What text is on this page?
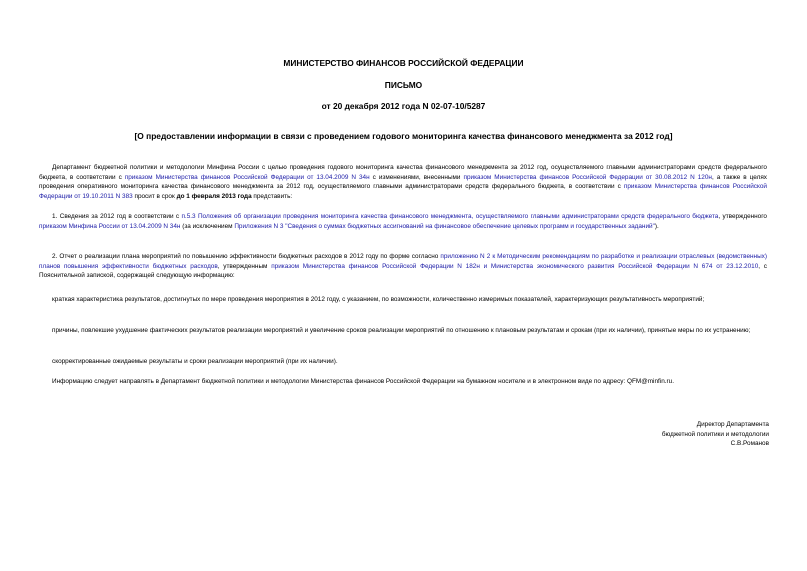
МИНИСТЕРСТВО ФИНАНСОВ РОССИЙСКОЙ ФЕДЕРАЦИИ
ПИСЬМО
от 20 декабря 2012 года N 02-07-10/5287
[О предоставлении информации в связи с проведением годового мониторинга качества финансового менеджмента за 2012 год]

Департамент бюджетной политики и методологии Минфина России с целью проведения годового мониторинга качества финансового менеджмента за 2012 год, осуществляемого главными администраторами средств федерального бюджета, в соответствии с приказом Министерства финансов Российской Федерации от 13.04.2009 N 34н с изменениями, внесенными приказом Министерства финансов Российской Федерации от 30.08.2012 N 120н, а также в целях проведения оперативного мониторинга качества финансового менеджмента за 2012 год, осуществляемого главными администраторами средств федерального бюджета, в соответствии с приказом Министерства финансов Российской Федерации от 19.10.2011 N 383 просит в срок до 1 февраля 2013 года представить:

1. Сведения за 2012 год в соответствии с п.5.3 Положения об организации проведения мониторинга качества финансового менеджмента, осуществляемого главными администраторами средств федерального бюджета, утвержденного приказом Минфина России от 13.04.2009 N 34н (за исключением Приложения N 3 "Сведения о суммах бюджетных ассигнований на финансовое обеспечение целевых программ и государственных заданий").

2. Отчет о реализации плана мероприятий по повышению эффективности бюджетных расходов в 2012 году по форме согласно приложению N 2 к Методическим рекомендациям по разработке и реализации отраслевых (ведомственных) планов повышения эффективности бюджетных расходов, утвержденным приказом Министерства финансов Российской Федерации N 182н и Министерства экономического развития Российской Федерации N 674 от 23.12.2010, с Пояснительной запиской, содержащей следующую информацию:

краткая характеристика результатов, достигнутых по мере проведения мероприятия в 2012 году, с указанием, по возможности, количественно измеримых показателей, характеризующих результативность мероприятий;

причины, повлекшие ухудшение фактических результатов реализации мероприятий и увеличение сроков реализации мероприятий по отношению к плановым результатам и срокам (при их наличии), принятые меры по их устранению;

скорректированные ожидаемые результаты и сроки реализации мероприятий (при их наличии).

Информацию следует направлять в Департамент бюджетной политики и методологии Министерства финансов Российской Федерации на бумажном носителе и в электронном виде по адресу: QFM@minfin.ru.

Директор Департамента
бюджетной политики и методологии
С.В.Романов
